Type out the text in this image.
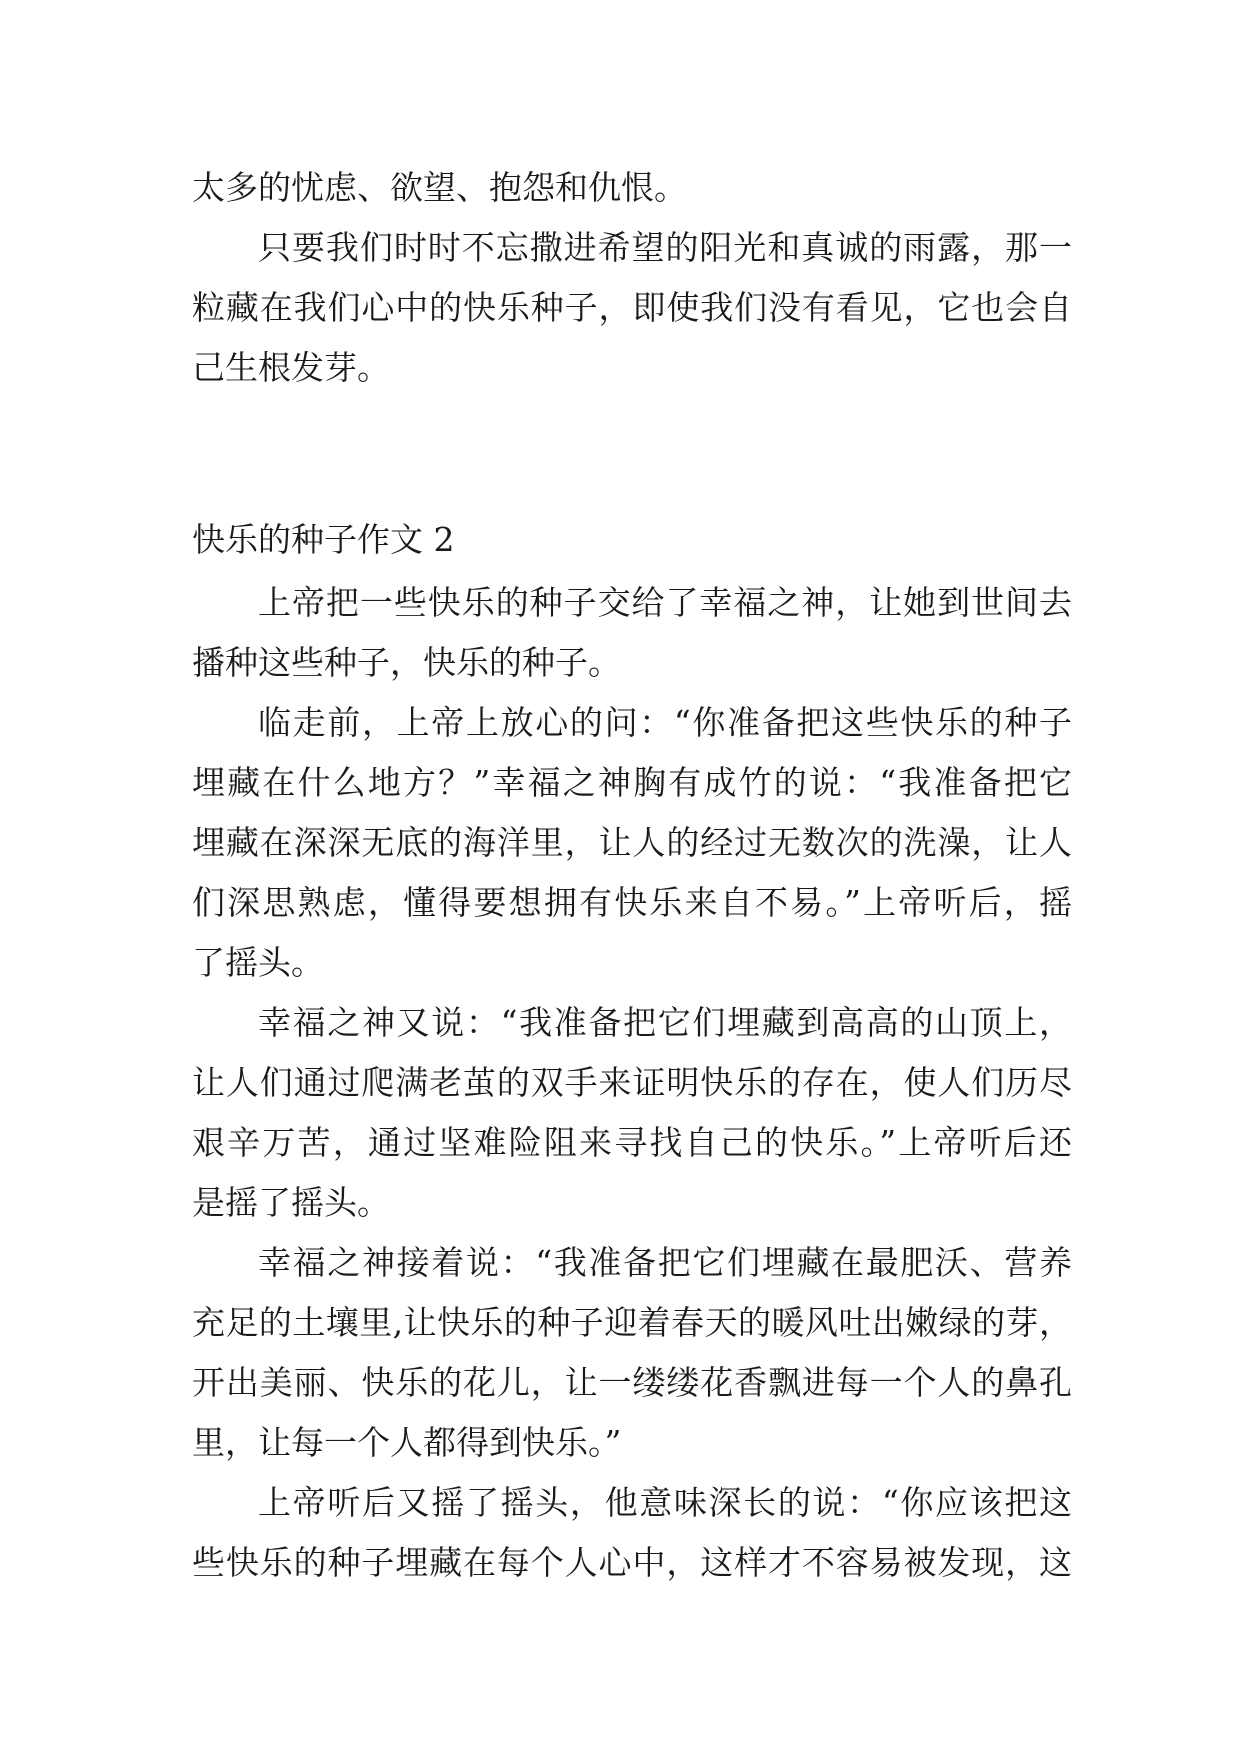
太多的忧虑、欲望、抱怨和仇恨。
只要我们时时不忘撒进希望的阳光和真诚的雨露，那一
粒藏在我们心中的快乐种子，即使我们没有看见，它也会自
己生根发芽。
快乐的种子作文 2
上帝把一些快乐的种子交给了幸福之神，让她到世间去
播种这些种子，快乐的种子。
临走前，上帝上放心的问：“你准备把这些快乐的种子
埋藏在什么地方？”幸福之神胸有成竹的说：“我准备把它
埋藏在深深无底的海洋里，让人的经过无数次的洗澡，让人
们深思熟虑，懂得要想拥有快乐来自不易。”上帝听后，摇
了摇头。
幸福之神又说：“我准备把它们埋藏到高高的山顶上，
让人们通过爬满老茧的双手来证明快乐的存在，使人们历尽
艰辛万苦，通过坚难险阻来寻找自己的快乐。”上帝听后还
是摇了摇头。
幸福之神接着说：“我准备把它们埋藏在最肥沃、营养
充足的土壤里,让快乐的种子迎着春天的暖风吐出嫩绿的芽，
开出美丽、快乐的花儿，让一缕缕花香飘进每一个人的鼻孔
里，让每一个人都得到快乐。”
上帝听后又摇了摇头，他意味深长的说：“你应该把这
些快乐的种子埋藏在每个人心中，这样才不容易被发现，这
